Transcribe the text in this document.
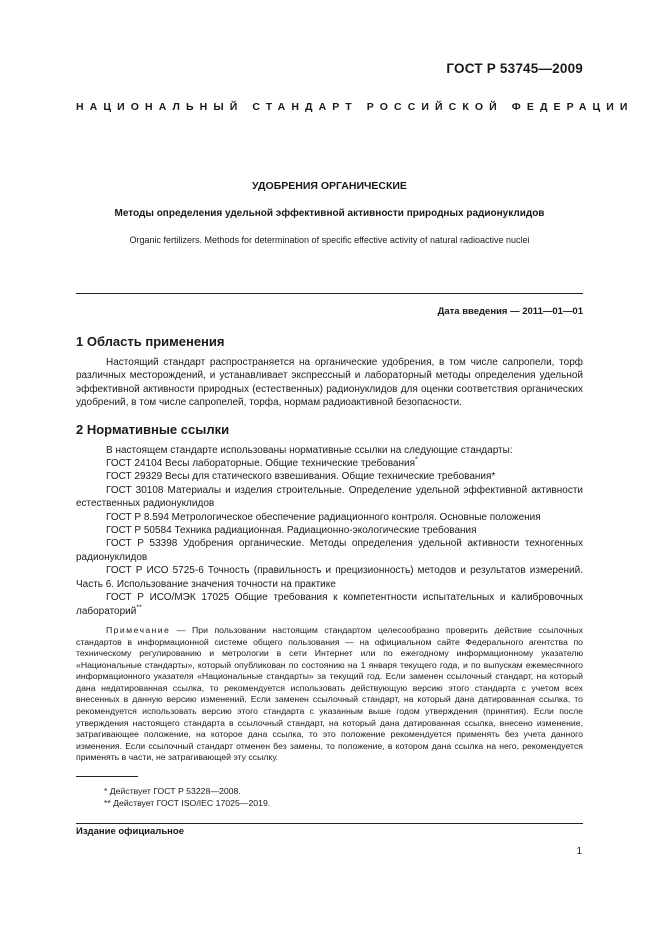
ГОСТ Р 53745—2009
НАЦИОНАЛЬНЫЙ СТАНДАРТ РОССИЙСКОЙ ФЕДЕРАЦИИ
УДОБРЕНИЯ ОРГАНИЧЕСКИЕ
Методы определения удельной эффективной активности природных радионуклидов
Organic fertilizers. Methods for determination of specific effective activity of natural radioactive nuclei
Дата введения — 2011—01—01
1 Область применения

Настоящий стандарт распространяется на органические удобрения, в том числе сапропели, торф различных месторождений, и устанавливает экспрессный и лабораторный методы определения удельной эффективной активности природных (естественных) радионуклидов для оценки соответствия органических удобрений, в том числе сапропелей, торфа, нормам радиоактивной безопасности.

2 Нормативные ссылки

В настоящем стандарте использованы нормативные ссылки на следующие стандарты:

ГОСТ 24104 Весы лабораторные. Общие технические требования*

ГОСТ 29329 Весы для статического взвешивания. Общие технические требования*

ГОСТ 30108 Материалы и изделия строительные. Определение удельной эффективной активности естественных радионуклидов

ГОСТ Р 8.594 Метрологическое обеспечение радиационного контроля. Основные положения

ГОСТ Р 50584 Техника радиационная. Радиационно-экологические требования

ГОСТ Р 53398 Удобрения органические. Методы определения удельной активности техногенных радионуклидов

ГОСТ Р ИСО 5725-6 Точность (правильность и прецизионность) методов и результатов измерений. Часть 6. Использование значения точности на практике

ГОСТ Р ИСО/МЭК 17025 Общие требования к компетентности испытательных и калибровочных лабораторий**

Примечание — При пользовании настоящим стандартом целесообразно проверить действие ссылочных стандартов в информационной системе общего пользования — на официальном сайте Федерального агентства по техническому регулированию и метрологии в сети Интернет или по ежегодному информационному указателю «Национальные стандарты», который опубликован по состоянию на 1 января текущего года, и по выпускам ежемесячного информационного указателя «Национальные стандарты» за текущий год. Если заменен ссылочный стандарт, на который дана недатированная ссылка, то рекомендуется использовать действующую версию этого стандарта с учетом всех внесенных в данную версию изменений. Если заменен ссылочный стандарт, на который дана датированная ссылка, то рекомендуется использовать версию этого стандарта с указанным выше годом утверждения (принятия). Если после утверждения настоящего стандарта в ссылочный стандарт, на который дана датированная ссылка, внесено изменение, затрагивающее положение, на которое дана ссылка, то это положение рекомендуется применять без учета данного изменения. Если ссылочный стандарт отменен без замены, то положение, в котором дана ссылка на него, рекомендуется применять в части, не затрагивающей эту ссылку.

* Действует ГОСТ Р 53228—2008.

** Действует ГОСТ ISO/IEC 17025—2019.

Издание официальное
1
